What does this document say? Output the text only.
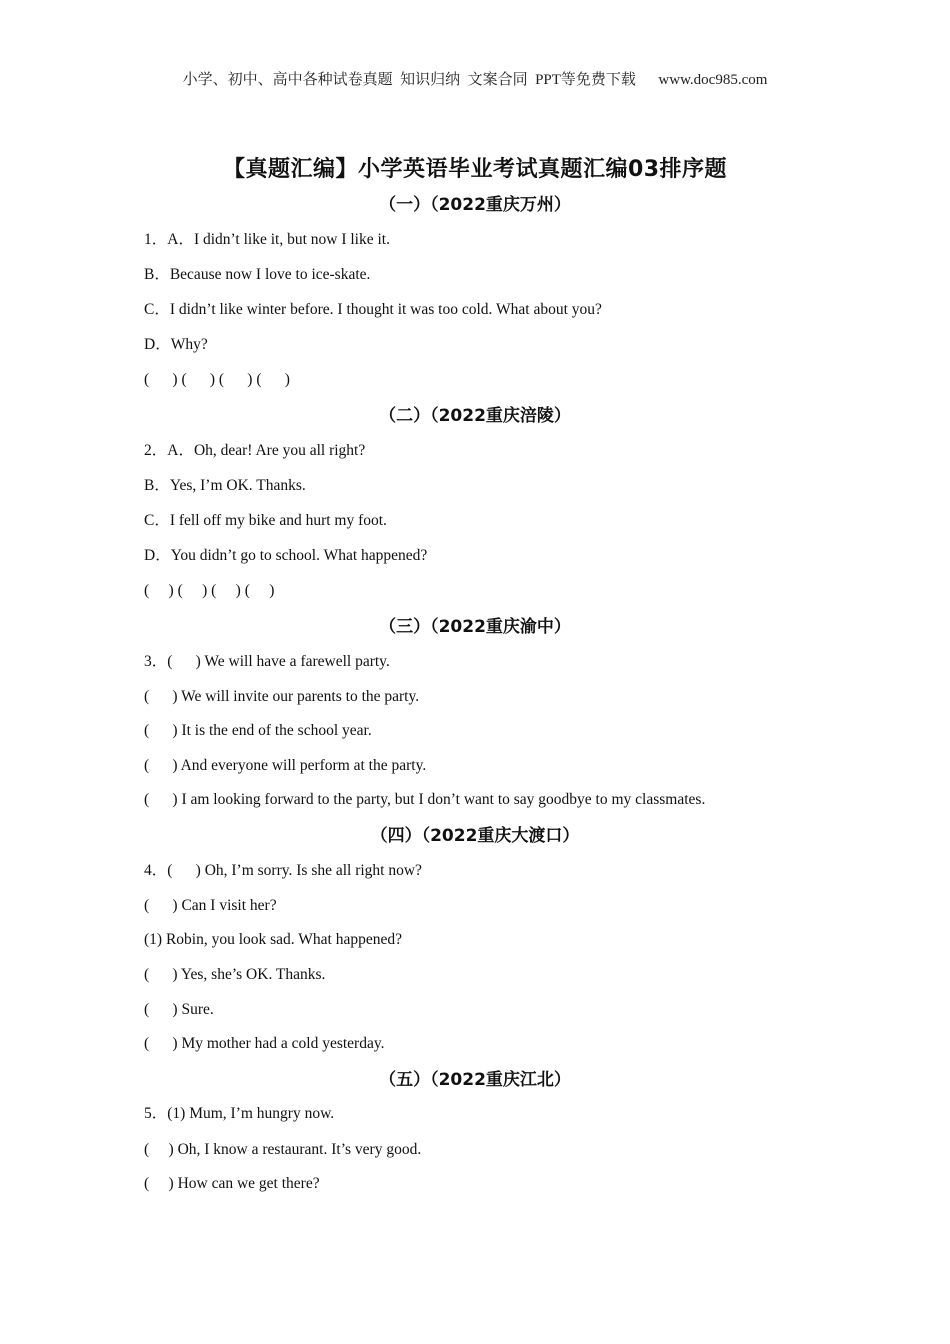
小学、初中、高中各种试卷真题  知识归纳  文案合同  PPT等免费下载      www.doc985.com
【真题汇编】小学英语毕业考试真题汇编03排序题
（一）（2022重庆万州）
1．A．I didn’t like it, but now I like it.
B．Because now I love to ice-skate.
C．I didn’t like winter before. I thought it was too cold. What about you?
D．Why?
(      ) (      ) (      ) (      )
（二）（2022重庆涪陵）
2．A．Oh, dear! Are you all right?
B．Yes, I’m OK. Thanks.
C．I fell off my bike and hurt my foot.
D．You didn’t go to school. What happened?
(     ) (     ) (     ) (     )
（三）（2022重庆渝中）
3．(      ) We will have a farewell party.
(      ) We will invite our parents to the party.
(      ) It is the end of the school year.
(      ) And everyone will perform at the party.
(      ) I am looking forward to the party, but I don’t want to say goodbye to my classmates.
（四）（2022重庆大渡口）
4．(      ) Oh, I’m sorry. Is she all right now?
(      ) Can I visit her?
(1) Robin, you look sad. What happened?
(      ) Yes, she’s OK. Thanks.
(      ) Sure.
(      ) My mother had a cold yesterday.
（五）（2022重庆江北）
5．(1) Mum, I’m hungry now.
(     ) Oh, I know a restaurant. It’s very good.
(     ) How can we get there?
